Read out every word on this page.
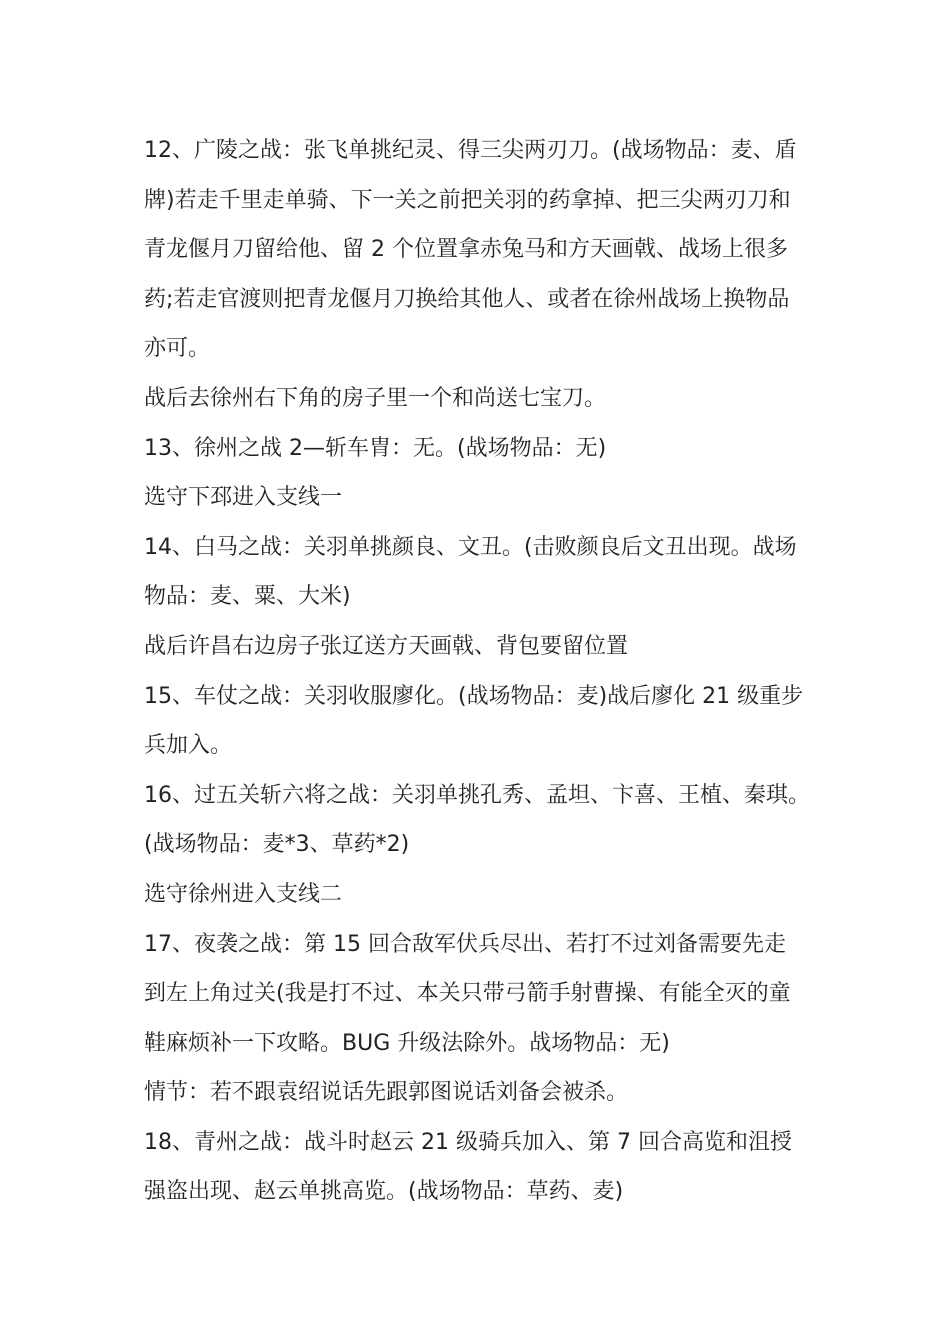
12、广陵之战：张飞单挑纪灵、得三尖两刃刀。(战场物品：麦、盾
牌)若走千里走单骑、下一关之前把关羽的药拿掉、把三尖两刃刀和
青龙偃月刀留给他、留 2 个位置拿赤兔马和方天画戟、战场上很多
药;若走官渡则把青龙偃月刀换给其他人、或者在徐州战场上换物品
亦可。
战后去徐州右下角的房子里一个和尚送七宝刀。
13、徐州之战 2—斩车胄：无。(战场物品：无)
选守下邳进入支线一
14、白马之战：关羽单挑颜良、文丑。(击败颜良后文丑出现。战场
物品：麦、粟、大米)
战后许昌右边房子张辽送方天画戟、背包要留位置
15、车仗之战：关羽收服廖化。(战场物品：麦)战后廖化 21 级重步
兵加入。
16、过五关斩六将之战：关羽单挑孔秀、孟坦、卞喜、王植、秦琪。
(战场物品：麦*3、草药*2)
选守徐州进入支线二
17、夜袭之战：第 15 回合敌军伏兵尽出、若打不过刘备需要先走
到左上角过关(我是打不过、本关只带弓箭手射曹操、有能全灭的童
鞋麻烦补一下攻略。BUG 升级法除外。战场物品：无)
情节：若不跟袁绍说话先跟郭图说话刘备会被杀。
18、青州之战：战斗时赵云 21 级骑兵加入、第 7 回合高览和沮授
强盗出现、赵云单挑高览。(战场物品：草药、麦)
